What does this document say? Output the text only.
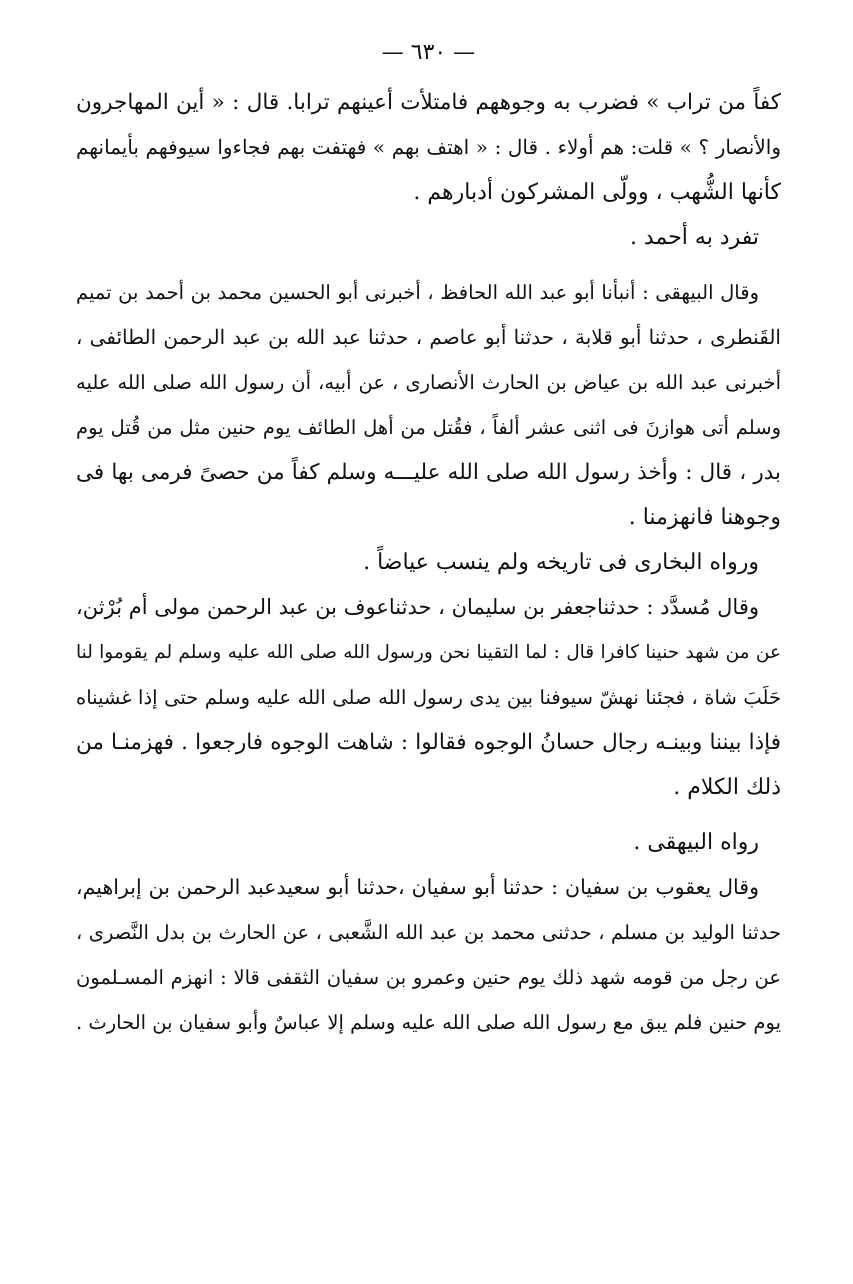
— ٦٣٠ —
كفاً من تراب » فضرب به وجوههم فامتلأت أعينهم ترابا. قال : « أين المهاجرون
والأنصار ؟ » قلت: هم أولاء . قال : « اهتف بهم » فهتفت بهم فجاءوا سيوفهم بأيمانهم
كأنها الشُّهب ، وولّى المشركون أدبارهم .
تفرد به أحمد .
وقال البيهقى : أنبأنا أبو عبد الله الحافظ ، أخبرنى أبو الحسين محمد بن أحمد بن تميم
القَنطرى ، حدثنا أبو قلابة ، حدثنا أبو عاصم ، حدثنا عبد الله بن عبد الرحمن الطائفى ،
أخبرنى عبد الله بن عياض بن الحارث الأنصارى ، عن أبيه، أن رسول الله صلى الله عليه
وسلم أتى هوازنَ فى اثنى عشر ألفاً ، فقُتل من أهل الطائف يوم حنين مثل من قُتل يوم
بدر ، قال : وأخذ رسول الله صلى الله عليـــه وسلم كفاً من حصىً فرمى بها فى
وجوهنا فانهزمنا .
ورواه البخارى فى تاريخه ولم ينسب عياضاً .
وقال مُسدَّد : حدثناجعفر بن سليمان ، حدثناعوف بن عبد الرحمن مولى أم بُرْثن،
عن من شهد حنينا كافرا قال : لما التقينا نحن ورسول الله صلى الله عليه وسلم لم يقوموا لنا
حَلَبَ شاة ، فجئنا نهشّ سيوفنا بين يدى رسول الله صلى الله عليه وسلم حتى إذا غشيناه
فإذا بيننا وبينـه رجال حسانُ الوجوه فقالوا : شاهت الوجوه فارجعوا . فهزمنـا من
ذلك الكلام .
رواه البيهقى .
وقال يعقوب بن سفيان : حدثنا أبو سفيان ،حدثنا أبو سعيدعبد الرحمن بن إبراهيم،
حدثنا الوليد بن مسلم ، حدثنى محمد بن عبد الله الشَّعبى ، عن الحارث بن بدل النَّصرى ،
عن رجل من قومه شهد ذلك يوم حنين وعمرو بن سفيان الثقفى قالا : انهزم المسـلمون
يوم حنين فلم يبق مع رسول الله صلى الله عليه وسلم إلا عباسٌ وأبو سفيان بن الحارث .
